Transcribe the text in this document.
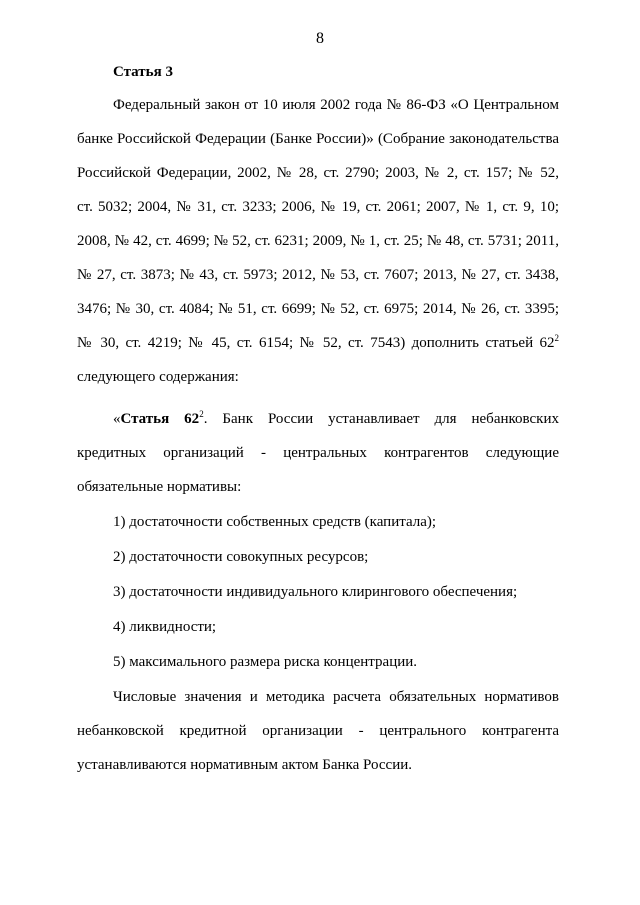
8
Статья 3
Федеральный закон от 10 июля 2002 года № 86-ФЗ «О Центральном
банке Российской Федерации (Банке России)» (Собрание законодательства
Российской Федерации, 2002, № 28, ст. 2790; 2003, № 2, ст. 157; № 52,
ст. 5032; 2004, № 31, ст. 3233; 2006, № 19, ст. 2061; 2007, № 1, ст. 9, 10;
2008, № 42, ст. 4699; № 52, ст. 6231; 2009, № 1, ст. 25; № 48, ст. 5731; 2011,
№ 27, ст. 3873; № 43, ст. 5973; 2012, № 53, ст. 7607; 2013, № 27, ст. 3438,
3476; № 30, ст. 4084; № 51, ст. 6699; № 52, ст. 6975; 2014, № 26, ст. 3395;
№ 30, ст. 4219; № 45, ст. 6154; № 52, ст. 7543) дополнить статьей $62^2$
следующего содержания:
«Статья $62^2$. Банк России устанавливает для небанковских
кредитных организаций - центральных контрагентов следующие
обязательные нормативы:
1) достаточности собственных средств (капитала);
2) достаточности совокупных ресурсов;
3) достаточности индивидуального клирингового обеспечения;
4) ликвидности;
5) максимального размера риска концентрации.
Числовые значения и методика расчета обязательных нормативов
небанковской кредитной организации - центрального контрагента
устанавливаются нормативным актом Банка России.
